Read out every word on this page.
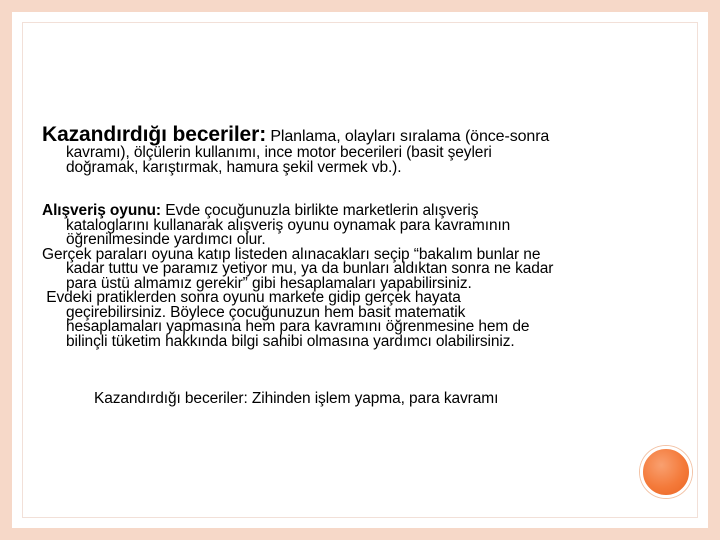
Kazandırdığı beceriler: Planlama, olayları sıralama (önce-sonra
kavramı), ölçülerin kullanımı, ince motor becerileri (basit şeyleri
doğramak, karıştırmak, hamura şekil vermek vb.).
Alışveriş oyunu: Evde çocuğunuzla birlikte marketlerin alışveriş
kataloglarını kullanarak alışveriş oyunu oynamak para kavramının
öğrenilmesinde yardımcı olur.
Gerçek paraları oyuna katıp listeden alınacakları seçip “bakalım bunlar ne
kadar tuttu ve paramız yetiyor mu, ya da bunları aldıktan sonra ne kadar
para üstü almamız gerekir” gibi hesaplamaları yapabilirsiniz.
Evdeki pratiklerden sonra oyunu markete gidip gerçek hayata
geçirebilirsiniz. Böylece çocuğunuzun hem basit matematik
hesaplamaları yapmasına hem para kavramını öğrenmesine hem de
bilinçli tüketim hakkında bilgi sahibi olmasına yardımcı olabilirsiniz.
Kazandırdığı beceriler: Zihinden işlem yapma, para kavramı
